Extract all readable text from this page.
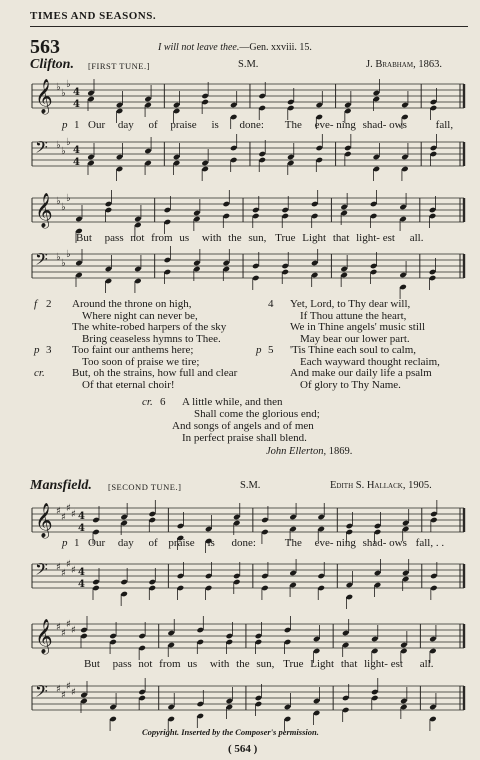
TIMES AND SEASONS.
563	I will not leave thee.—Gen. xxviii. 15.
Clifton. [FIRST TUNE.]	S.M.	J. Brabham, 1863.
𝄞 ♭
♭
♭
4
4
p 1 Our day of praise is done: The eve- ning shad- ows	fall,
𝄢 ♭
♭
♭
4
4
𝄞 ♭
♭
♭
But pass not from us with the sun, True Light that light- est all.
𝄢 ♭
♭
♭
f 2 Around the throne on high,
Where night can never be,
The white-robed harpers of the sky
Bring ceaseless hymns to Thee.
p 3 Too faint our anthems here;
Too soon of praise we tire;
cr. But, oh the strains, how full and clear
Of that eternal choir!
4 Yet, Lord, to Thy dear will,
If Thou attune the heart,
We in Thine angels' music still
May bear our lower part.
p 5 'Tis Thine each soul to calm,
Each wayward thought reclaim,
And make our daily life a psalm
Of glory to Thy Name.
cr. 6 A little while, and then
Shall come the glorious end;
And songs of angels and of men
In perfect praise shall blend.
John Ellerton, 1869.
Mansfield. [SECOND TUNE.]	S.M.	Edith S. Hallack, 1905.
𝄞 ♯
♯
♯
♯ 4
4
p 1 Our day of praise is done:	The eve- ning shad- ows fall, . .
𝄢 ♯
♯
♯
♯ 4
4
𝄞 ♯
♯
♯
♯
But pass not from us with the sun, True Light that light- est all.
𝄢 ♯
♯
♯
♯
Copyright. Inserted by the Composer's permission.
( 564 )
